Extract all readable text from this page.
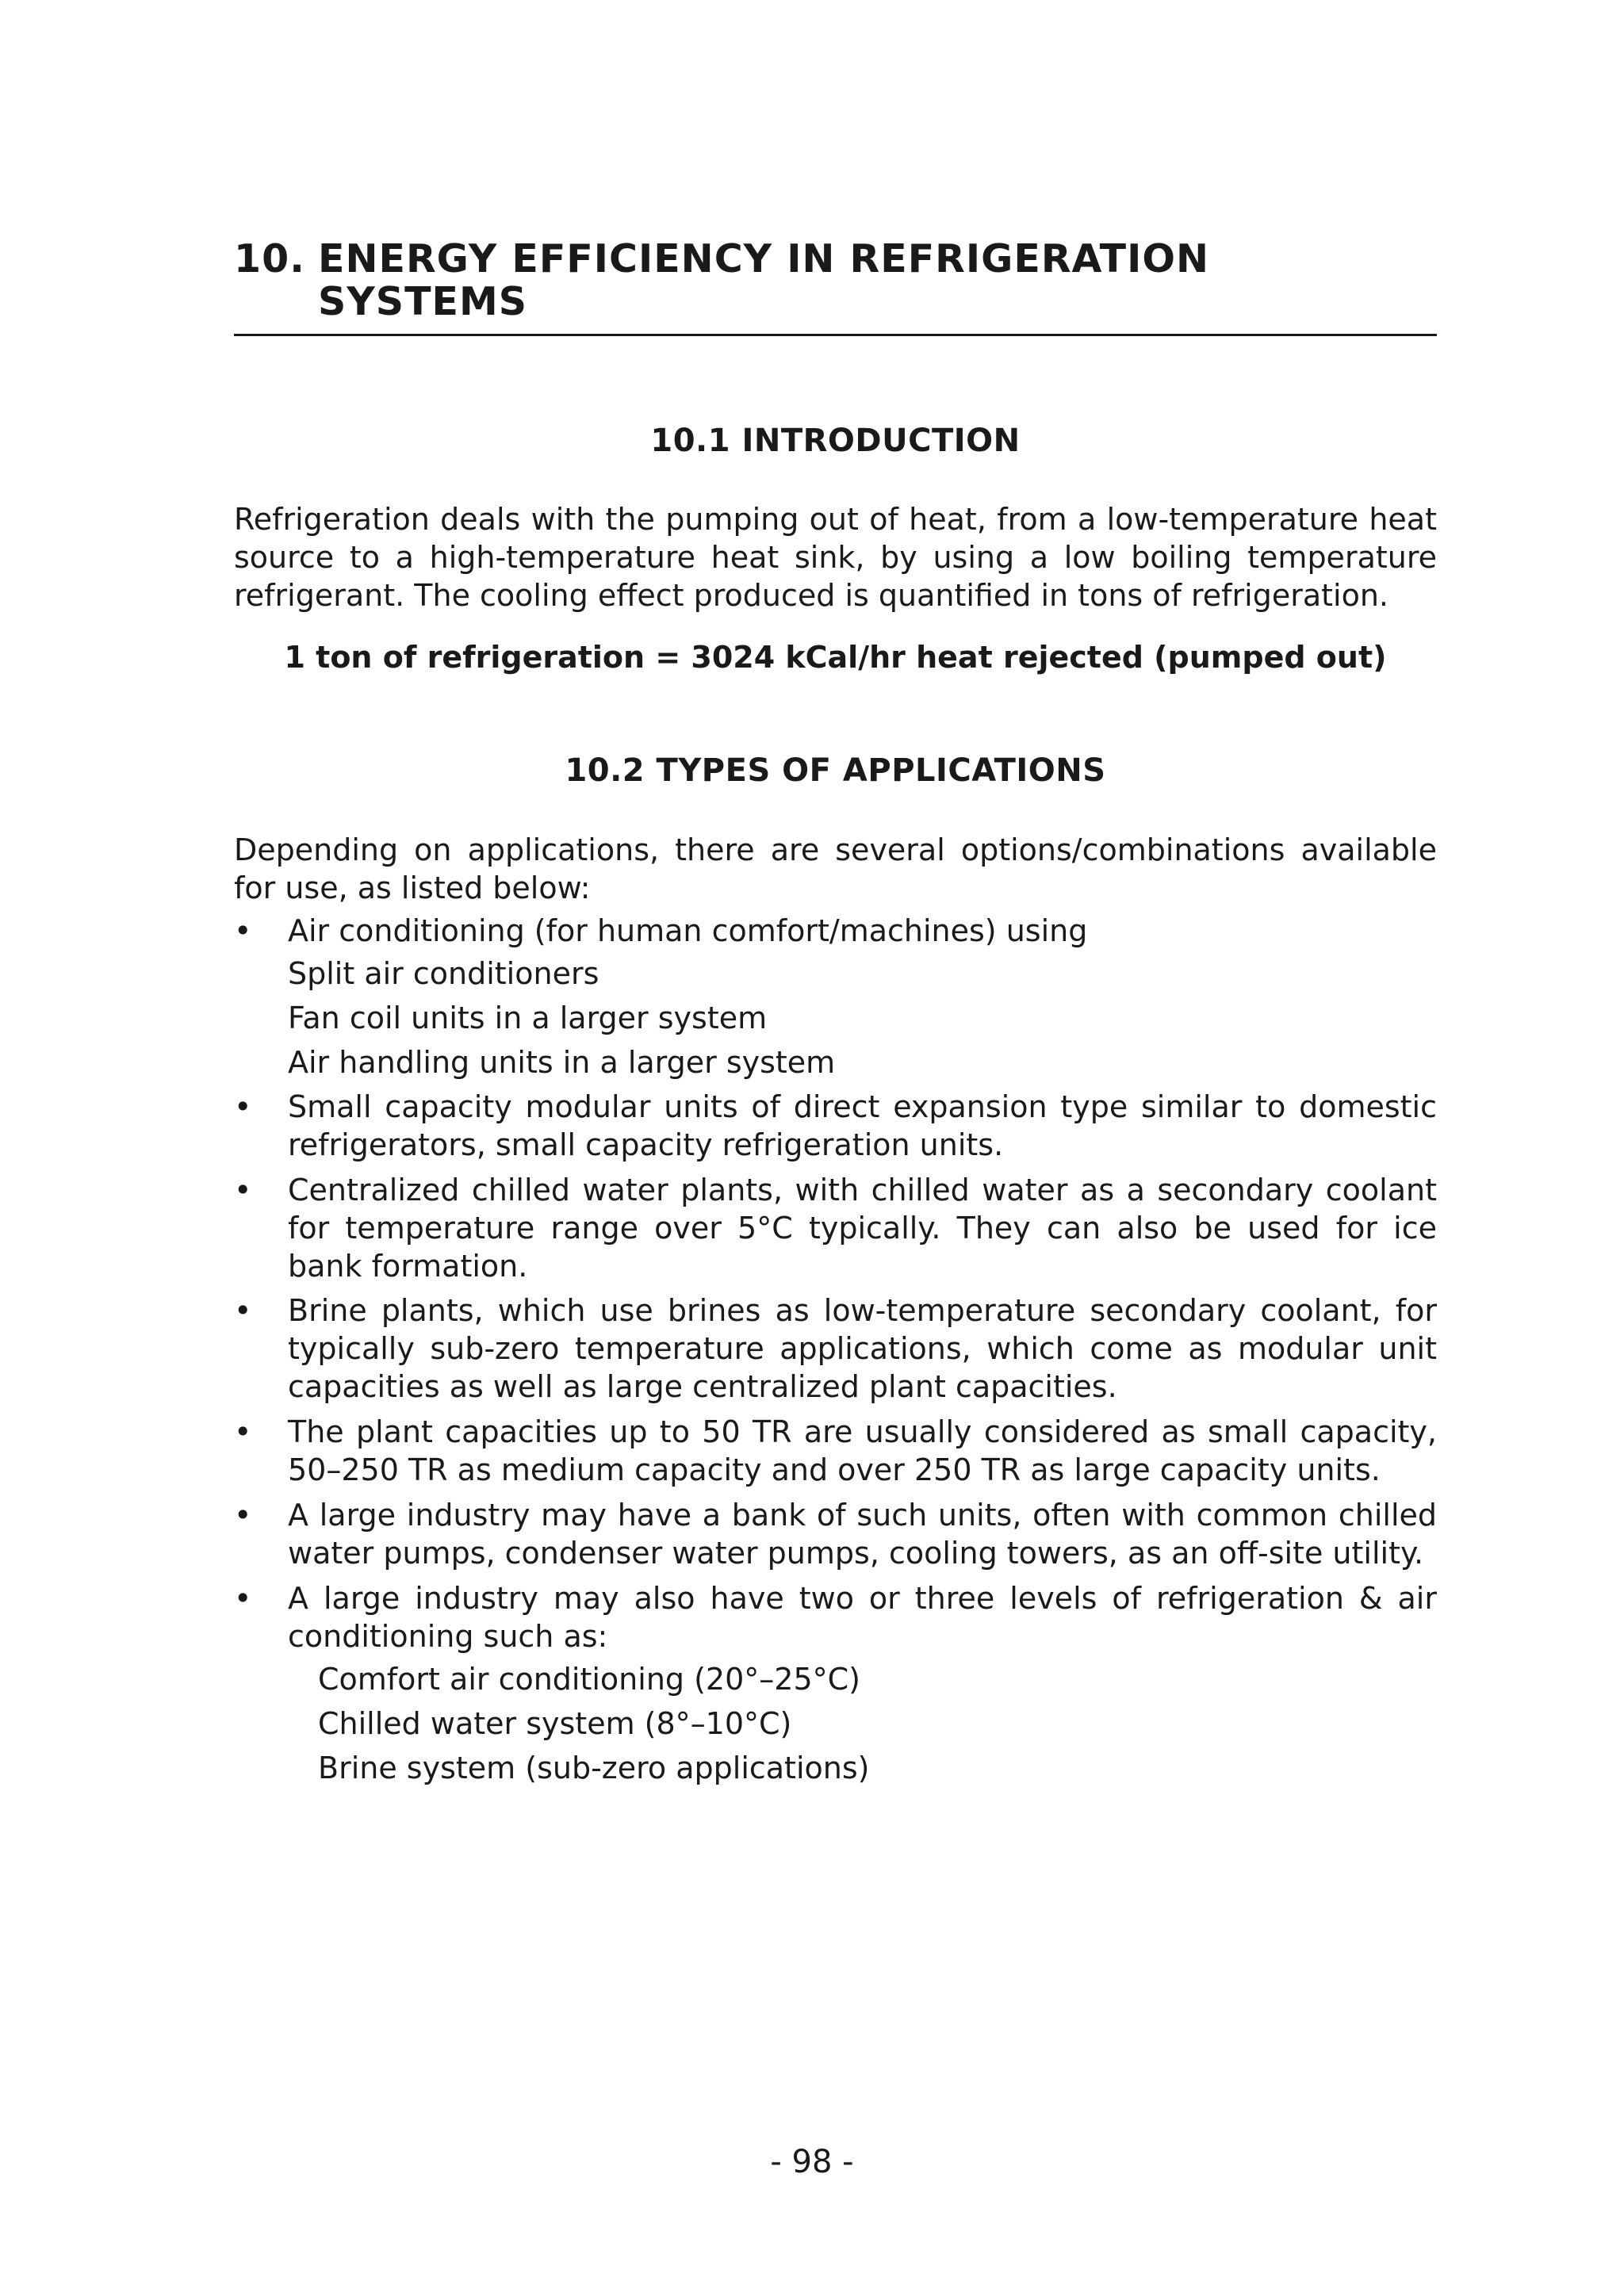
10. ENERGY EFFICIENCY IN REFRIGERATION
SYSTEMS
10.1 INTRODUCTION
Refrigeration deals with the pumping out of heat, from a low-temperature heat
source to a high-temperature heat sink, by using a low boiling temperature
refrigerant. The cooling effect produced is quantified in tons of refrigeration.
1 ton of refrigeration = 3024 kCal/hr heat rejected (pumped out)
10.2 TYPES OF APPLICATIONS
Depending on applications, there are several options/combinations available
for use, as listed below:
• Air conditioning (for human comfort/machines) using
Split air conditioners
Fan coil units in a larger system
Air handling units in a larger system
• Small capacity modular units of direct expansion type similar to domestic
refrigerators, small capacity refrigeration units.
• Centralized chilled water plants, with chilled water as a secondary coolant
for temperature range over 5°C typically. They can also be used for ice
bank formation.
• Brine plants, which use brines as low-temperature secondary coolant, for
typically sub-zero temperature applications, which come as modular unit
capacities as well as large centralized plant capacities.
• The plant capacities up to 50 TR are usually considered as small capacity,
50–250 TR as medium capacity and over 250 TR as large capacity units.
• A large industry may have a bank of such units, often with common chilled
water pumps, condenser water pumps, cooling towers, as an off-site utility.
• A large industry may also have two or three levels of refrigeration & air
conditioning such as:
Comfort air conditioning (20°–25°C)
Chilled water system (8°–10°C)
Brine system (sub-zero applications)
- 98 -
